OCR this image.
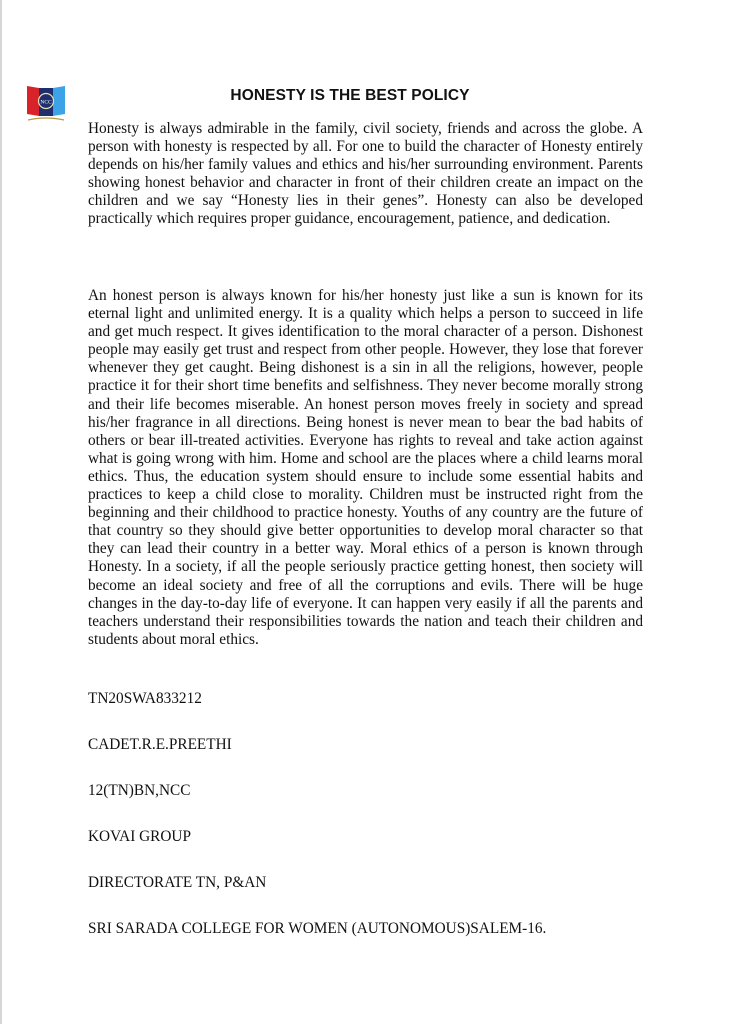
NCC	HONESTY IS THE BEST POLICY

Honesty is always admirable in the family, civil society, friends and across the globe. A person with honesty is respected by all. For one to build the character of Honesty entirely depends on his/her family values and ethics and his/her surrounding environment. Parents showing honest behavior and character in front of their children create an impact on the children and we say “Honesty lies in their genes”. Honesty can also be developed practically which requires proper guidance, encouragement, patience, and dedication.

An honest person is always known for his/her honesty just like a sun is known for its eternal light and unlimited energy. It is a quality which helps a person to succeed in life and get much respect. It gives identification to the moral character of a person. Dishonest people may easily get trust and respect from other people. However, they lose that forever whenever they get caught. Being dishonest is a sin in all the religions, however, people practice it for their short time benefits and selfishness. They never become morally strong and their life becomes miserable. An honest person moves freely in society and spread his/her fragrance in all directions. Being honest is never mean to bear the bad habits of others or bear ill-treated activities. Everyone has rights to reveal and take action against what is going wrong with him. Home and school are the places where a child learns moral ethics. Thus, the education system should ensure to include some essential habits and practices to keep a child close to morality. Children must be instructed right from the beginning and their childhood to practice honesty. Youths of any country are the future of that country so they should give better opportunities to develop moral character so that they can lead their country in a better way. Moral ethics of a person is known through Honesty. In a society, if all the people seriously practice getting honest, then society will become an ideal society and free of all the corruptions and evils. There will be huge changes in the day-to-day life of everyone. It can happen very easily if all the parents and teachers understand their responsibilities towards the nation and teach their children and students about moral ethics.

TN20SWA833212
CADET.R.E.PREETHI
12(TN)BN,NCC
KOVAI GROUP
DIRECTORATE TN, P&AN
SRI SARADA COLLEGE FOR WOMEN (AUTONOMOUS)SALEM-16.
